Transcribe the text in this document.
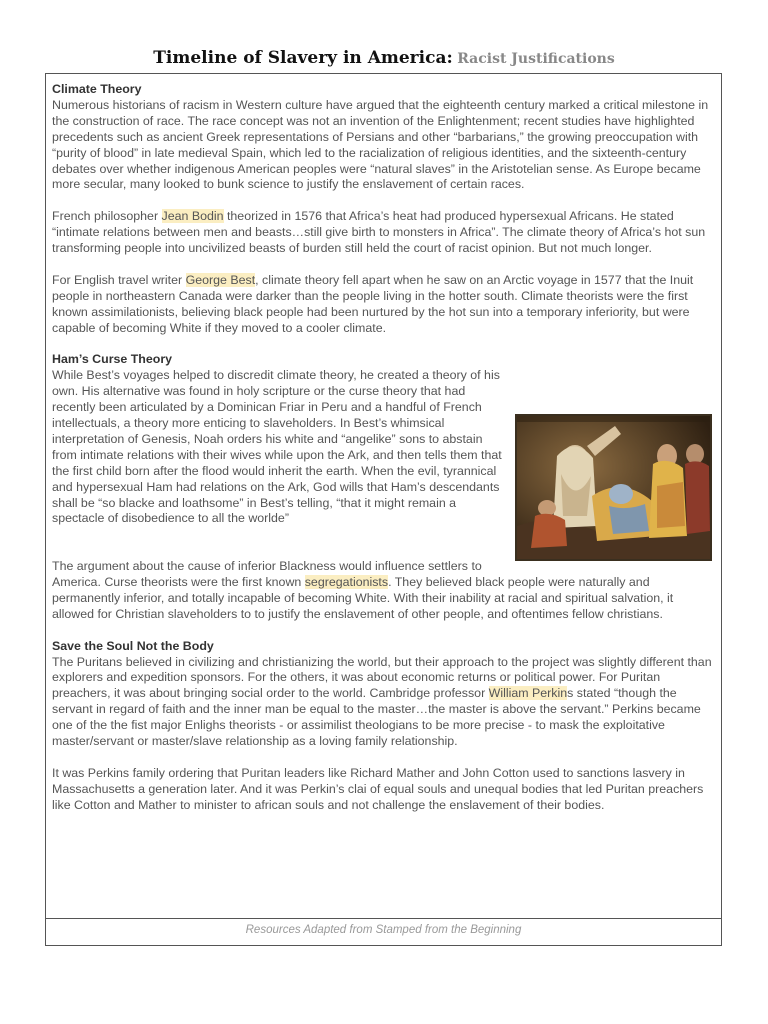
Timeline of Slavery in America: Racist Justifications
Climate Theory

Numerous historians of racism in Western culture have argued that the eighteenth century marked a critical milestone in the construction of race. The race concept was not an invention of the Enlightenment; recent studies have highlighted precedents such as ancient Greek representations of Persians and other “barbarians,” the growing preoccupation with “purity of blood” in late medieval Spain, which led to the racialization of religious identities, and the sixteenth-century debates over whether indigenous American peoples were “natural slaves” in the Aristotelian sense. As Europe became more secular, many looked to bunk science to justify the enslavement of certain races.

French philosopher Jean Bodin theorized in 1576 that Africa’s heat had produced hypersexual Africans. He stated “intimate relations between men and beasts…still give birth to monsters in Africa”. The climate theory of Africa’s hot sun transforming people into uncivilized beasts of burden still held the court of racist opinion. But not much longer.

For English travel writer George Best, climate theory fell apart when he saw on an Arctic voyage in 1577 that the Inuit people in northeastern Canada were darker than the people living in the hotter south. Climate theorists were the first known assimilationists, believing black people had been nurtured by the hot sun into a temporary inferiority, but were capable of becoming White if they moved to a cooler climate.

Ham’s Curse Theory

While Best’s voyages helped to discredit climate theory, he created a theory of his own. His alternative was found in holy scripture or the curse theory that had recently been articulated by a Dominican Friar in Peru and a handful of French intellectuals, a theory more enticing to slaveholders. In Best’s whimsical interpretation of Genesis, Noah orders his white and “angelike” sons to abstain from intimate relations with their wives while upon the Ark, and then tells them that the first child born after the flood would inherit the earth. When the evil, tyrannical and hypersexual Ham had relations on the Ark, God wills that Ham’s descendants shall be “so blacke and loathsome” in Best’s telling, “that it might remain a spectacle of disobedience to all the worlde”

The argument about the cause of inferior Blackness would influence settlers to America. Curse theorists were the first known segregationists. They believed black people were naturally and permanently inferior, and totally incapable of becoming White. With their inability at racial and spiritual salvation, it allowed for Christian slaveholders to to justify the enslavement of other people, and oftentimes fellow christians.

Save the Soul Not the Body

The Puritans believed in civilizing and christianizing the world, but their approach to the project was slightly different than explorers and expedition sponsors. For the others, it was about economic returns or political power. For Puritan preachers, it was about bringing social order to the world. Cambridge professor William Perkins stated “though the servant in regard of faith and the inner man be equal to the master…the master is above the servant.” Perkins became one of the the fist major Enlighs theorists - or assimilist theologians to be more precise - to mask the exploitative master/servant or master/slave relationship as a loving family relationship.

It was Perkins family ordering that Puritan leaders like Richard Mather and John Cotton used to sanctions lasvery in Massachusetts a generation later. And it was Perkin’s clai of equal souls and unequal bodies that led Puritan preachers like Cotton and Mather to minister to african souls and not challenge the enslavement of their bodies.

Resources Adapted from Stamped from the Beginning
